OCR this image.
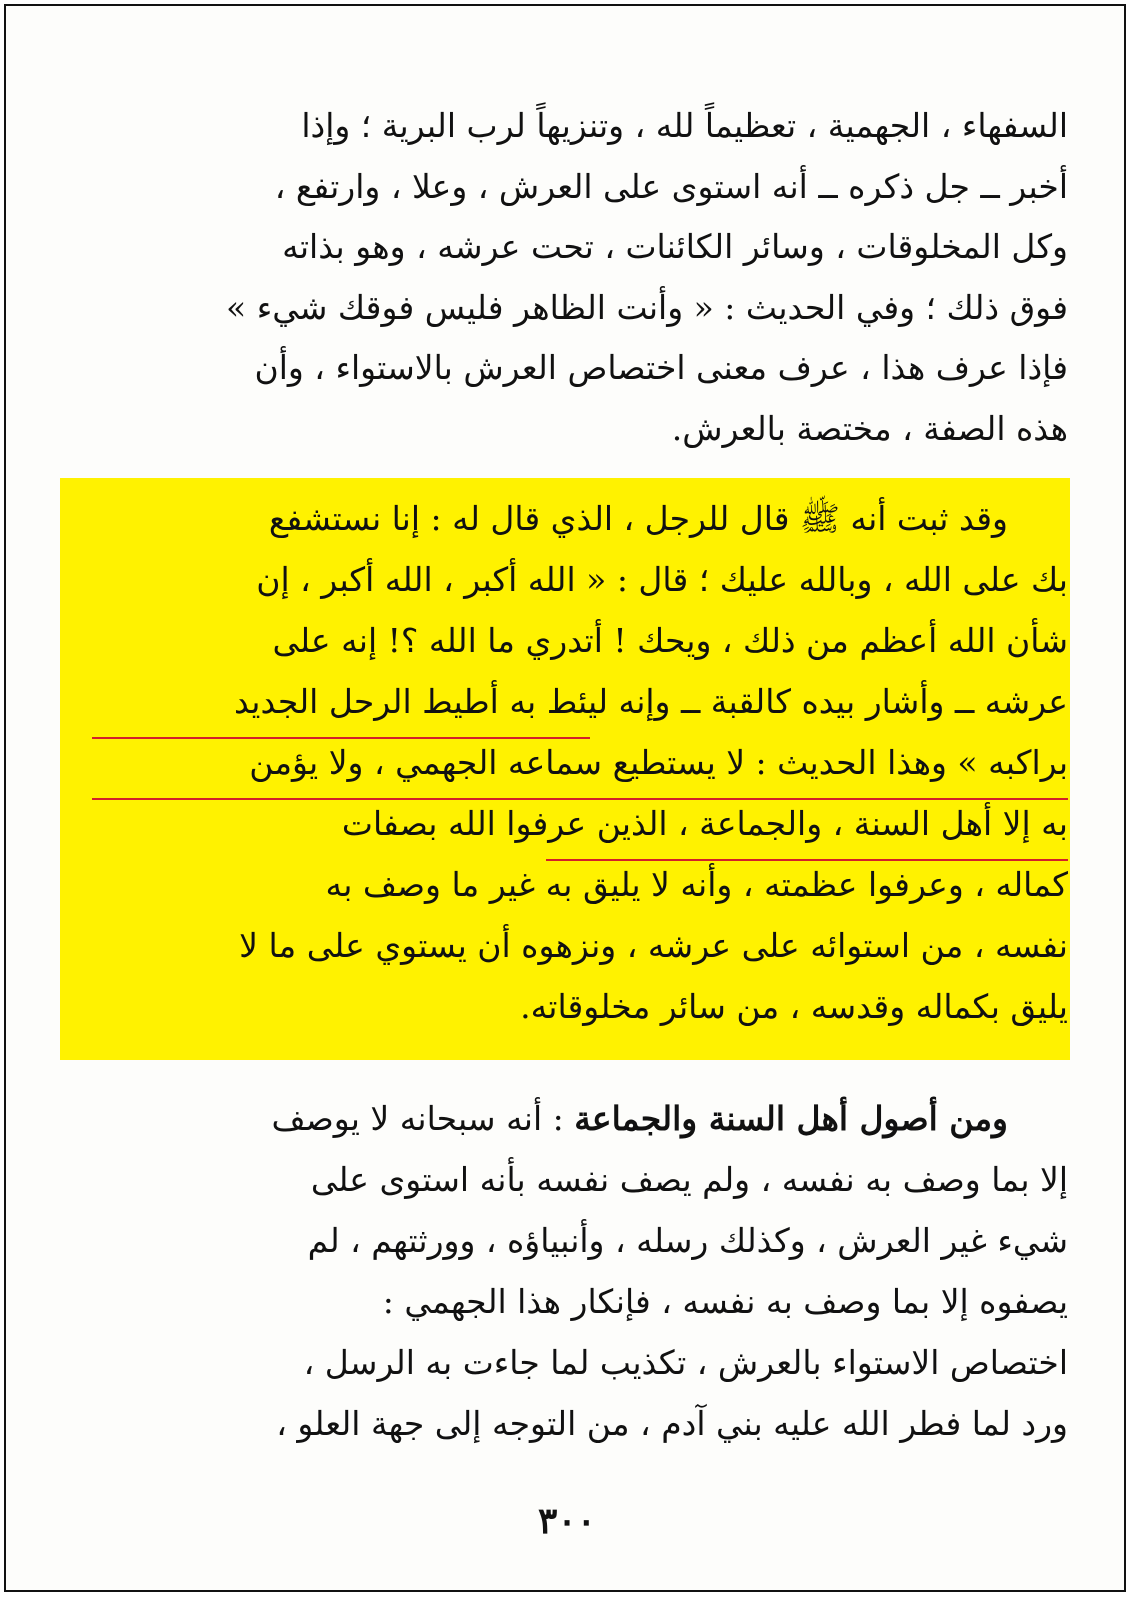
السفهاء ، الجهمية ، تعظيماً لله ، وتنزيهاً لرب البرية ؛ وإذا
أخبر ــ جل ذكره ــ أنه استوى على العرش ، وعلا ، وارتفع ،
وكل المخلوقات ، وسائر الكائنات ، تحت عرشه ، وهو بذاته
فوق ذلك ؛ وفي الحديث : « وأنت الظاهر فليس فوقك شيء »
فإذا عرف هذا ، عرف معنى اختصاص العرش بالاستواء ، وأن
هذه الصفة ، مختصة بالعرش.
وقد ثبت أنه ﷺ قال للرجل ، الذي قال له : إنا نستشفع
بك على الله ، وبالله عليك ؛ قال : « الله أكبر ، الله أكبر ، إن
شأن الله أعظم من ذلك ، ويحك ! أتدري ما الله ؟! إنه على
عرشه ــ وأشار بيده كالقبة ــ وإنه ليئط به أطيط الرحل الجديد
براكبه » وهذا الحديث : لا يستطيع سماعه الجهمي ، ولا يؤمن
به إلا أهل السنة ، والجماعة ، الذين عرفوا الله بصفات
كماله ، وعرفوا عظمته ، وأنه لا يليق به غير ما وصف به
نفسه ، من استوائه على عرشه ، ونزهوه أن يستوي على ما لا
يليق بكماله وقدسه ، من سائر مخلوقاته.
ومن أصول أهل السنة والجماعة : أنه سبحانه لا يوصف
إلا بما وصف به نفسه ، ولم يصف نفسه بأنه استوى على
شيء غير العرش ، وكذلك رسله ، وأنبياؤه ، وورثتهم ، لم
يصفوه إلا بما وصف به نفسه ، فإنكار هذا الجهمي :
اختصاص الاستواء بالعرش ، تكذيب لما جاءت به الرسل ،
ورد لما فطر الله عليه بني آدم ، من التوجه إلى جهة العلو ،
٣٠٠
